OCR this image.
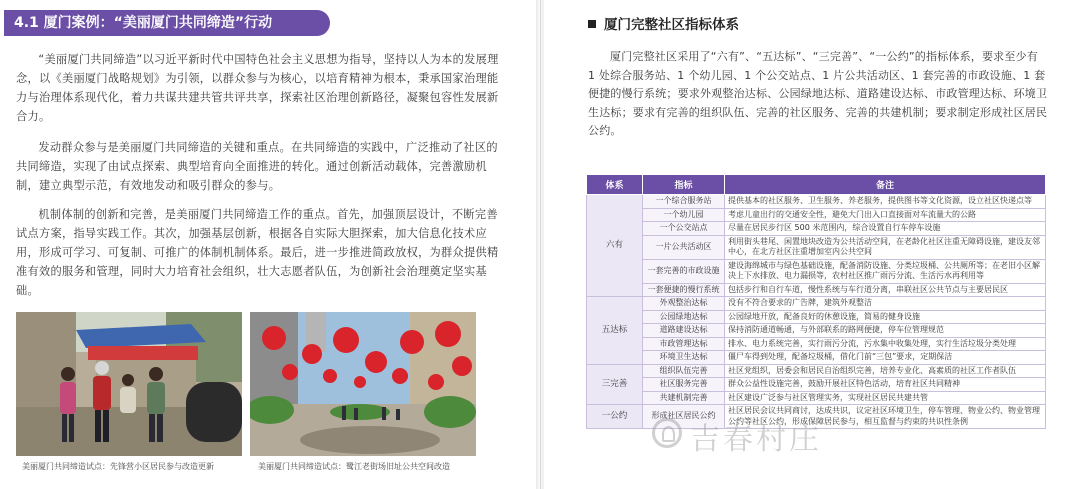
4.1 厦门案例：“美丽厦门共同缔造”行动

“美丽厦门共同缔造”以习近平新时代中国特色社会主义思想为指导，坚持以人为本的发展理念，以《美丽厦门战略规划》为引领，以群众参与为核心，以培育精神为根本，秉承国家治理能力与治理体系现代化，着力共谋共建共管共评共享，探索社区治理创新路径，凝聚包容性发展新合力。

发动群众参与是美丽厦门共同缔造的关键和重点。在共同缔造的实践中，广泛推动了社区的共同缔造，实现了由试点探索、典型培育向全面推进的转化。通过创新活动载体，完善激励机制，建立典型示范，有效地发动和吸引群众的参与。

机制体制的创新和完善，是美丽厦门共同缔造工作的重点。首先，加强顶层设计，不断完善试点方案，指导实践工作。其次，加强基层创新，根据各自实际大胆探索，加大信息化技术应用，形成可学习、可复制、可推广的体制机制体系。最后，进一步推进简政放权，为群众提供精准有效的服务和管理，同时大力培育社会组织，壮大志愿者队伍，为创新社会治理奠定坚实基础。

美丽厦门共同缔造试点：先锋营小区居民参与改造更新	美丽厦门共同缔造试点：鹭江老街场旧址公共空间改造
厦门完整社区指标体系

厦门完整社区采用了“六有”、“五达标”、“三完善”、“一公约”的指标体系，要求至少有 1 处综合服务站、1 个幼儿园、1 个公交站点、1 片公共活动区、1 套完善的市政设施、1 套便捷的慢行系统；要求外观整治达标、公园绿地达标、道路建设达标、市政管理达标、环境卫生达标；要求有完善的组织队伍、完善的社区服务、完善的共建机制；要求制定形成社区居民公约。

体系	指标	备注
六有	一个综合服务站	提供基本的社区服务、卫生服务、养老服务，提供图书等文化资源，设立社区快递点等
	一个幼儿园	考虑儿童出行的交通安全性，避免大门出入口直接面对车流量大的公路
	一个公交站点	尽量在居民步行区 500 米范围内，综合设置自行车停车设施
	一片公共活动区	利用街头巷尾、闲置地块改造为公共活动空间，在老龄化社区注重无障碍设施，建设友邻中心，在北方社区注重增加室内公共空间
	一套完善的市政设施	建设海绵城市与绿色基础设施，配备消防设施、分类垃圾桶、公共厕所等；在老旧小区解决上下水排放、电力漏损等，农村社区推广雨污分流、生活污水再利用等
	一套便捷的慢行系统	包括步行和自行车道，慢性系统与车行道分离，串联社区公共节点与主要居民区
五达标	外观整治达标	没有不符合要求的广告牌，建筑外观整洁
	公园绿地达标	公园绿地开放，配备良好的休憩设施，简易的健身设施
	道路建设达标	保持消防通道畅通，与外部联系的路网便捷，停车位管理规范
	市政管理达标	排水、电力系统完善，实行雨污分流，污水集中收集处理，实行生活垃圾分类处理
	环境卫生达标	僵尸车得到处理，配备垃圾桶，借化门前“三包”要求，定期保洁
三完善	组织队伍完善	社区党组织，居委会和居民自治组织完善，培养专业化、高素质的社区工作者队伍
	社区服务完善	群众公益性设施完善，鼓励开展社区特色活动，培育社区共同精神
	共建机制完善	社区建设广泛参与社区管理实务，实现社区居民共建共管
一公约	形成社区居民公约	社区居民会议共同商讨，达成共识，议定社区环境卫生，停车管理、物业公约、物业管理公约等社区公约，形成保障居民参与，相互监督与约束的共识性条例
吉春村庄
